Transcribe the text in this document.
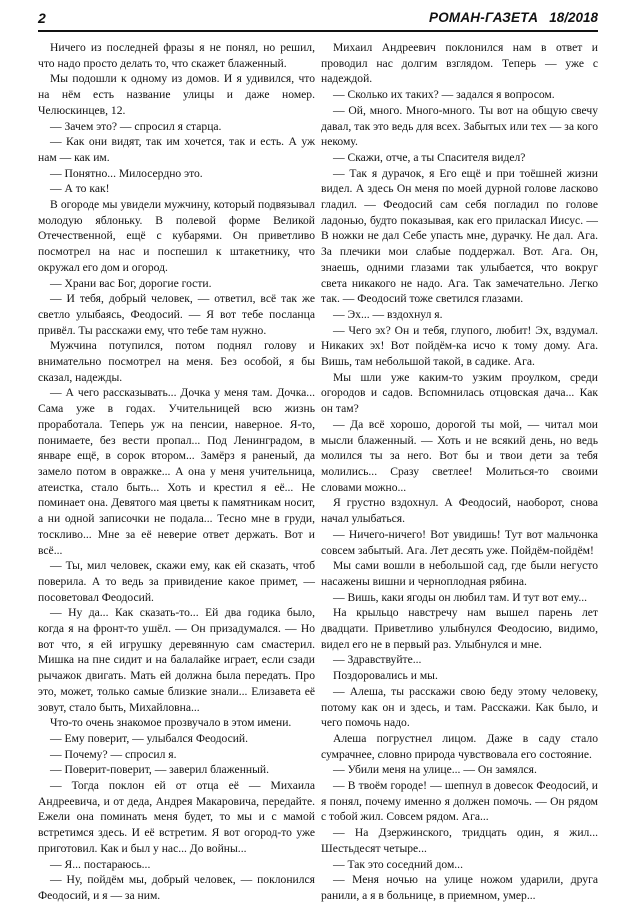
2	РОМАН-ГАЗЕТА 18/2018

Ничего из последней фразы я не понял, но решил, что надо просто делать то, что скажет блаженный.

Мы подошли к одному из домов. И я удивился, что на нём есть название улицы и даже номер. Челюскинцев, 12.

— Зачем это? — спросил я старца.

— Как они видят, так им хочется, так и есть. А уж нам — как им.

— Понятно... Милосердно это.

— А то как!

В огороде мы увидели мужчину, который подвязывал молодую яблоньку. В полевой форме Великой Отечественной, ещё с кубарями. Он приветливо посмотрел на нас и поспешил к штакетнику, что окружал его дом и огород.

— Храни вас Бог, дорогие гости.

— И тебя, добрый человек, — ответил, всё так же светло улыбаясь, Феодосий. — Я вот тебе посланца привёл. Ты расскажи ему, что тебе там нужно.

Мужчина потупился, потом поднял голову и внимательно посмотрел на меня. Без особой, я бы сказал, надежды.

— А чего рассказывать... Дочка у меня там. Дочка... Сама уже в годах. Учительницей всю жизнь проработала. Теперь уж на пенсии, наверное. Я-то, понимаете, без вести пропал... Под Ленинградом, в январе ещё, в сорок втором... Замёрз я раненый, да замело потом в овражке... А она у меня учительница, атеистка, стало быть... Хоть и крестил я её... Не поминает она. Девятого мая цветы к памятникам носит, а ни одной записочки не подала... Тесно мне в груди, тоскливо... Мне за её неверие ответ держать. Вот и всё...

— Ты, мил человек, скажи ему, как ей сказать, чтоб поверила. А то ведь за привидение какое примет, — посоветовал Феодосий.

— Ну да... Как сказать-то... Ей два годика было, когда я на фронт-то ушёл. — Он призадумался. — Но вот что, я ей игрушку деревянную сам смастерил. Мишка на пне сидит и на балалайке играет, если сзади рычажок двигать. Мать ей должна была передать. Про это, может, только самые близкие знали... Елизавета её зовут, стало быть, Михайловна...

Что-то очень знакомое прозвучало в этом имени.

— Ему поверит, — улыбался Феодосий.

— Почему? — спросил я.

— Поверит-поверит, — заверил блаженный.

— Тогда поклон ей от отца её — Михаила Андреевича, и от деда, Андрея Макаровича, передайте. Ежели она поминать меня будет, то мы и с мамой встретимся здесь. И её встретим. Я вот огород-то уже приготовил. Как и был у нас... До войны...

— Я... постараюсь...

— Ну, пойдём мы, добрый человек, — поклонился Феодосий, и я — за ним.

Михаил Андреевич поклонился нам в ответ и проводил нас долгим взглядом. Теперь — уже с надеждой.

— Сколько их таких? — задался я вопросом.

— Ой, много. Много-много. Ты вот на общую свечу давал, так это ведь для всех. Забытых или тех — за кого некому.

— Скажи, отче, а ты Спасителя видел?

— Так я дурачок, я Его ещё и при тоёшней жизни видел. А здесь Он меня по моей дурной голове ласково гладил. — Феодосий сам себя погладил по голове ладонью, будто показывая, как его приласкал Иисус. — В ножки не дал Себе упасть мне, дурачку. Не дал. Ага. За плечики мои слабые поддержал. Вот. Ага. Он, знаешь, одними глазами так улыбается, что вокруг света никакого не надо. Ага. Так замечательно. Легко так. — Феодосий тоже светился глазами.

— Эх... — вздохнул я.

— Чего эх? Он и тебя, глупого, любит! Эх, вздумал. Никаких эх! Вот пойдём-ка исчо к тому дому. Ага. Вишь, там небольшой такой, в садике. Ага.

Мы шли уже каким-то узким проулком, среди огородов и садов. Вспомнилась отцовская дача... Как он там?

— Да всё хорошо, дорогой ты мой, — читал мои мысли блаженный. — Хоть и не всякий день, но ведь молился ты за него. Вот бы и твои дети за тебя молились... Сразу светлее! Молиться-то своими словами можно...

Я грустно вздохнул. А Феодосий, наоборот, снова начал улыбаться.

— Ничего-ничего! Вот увидишь! Тут вот мальчонка совсем забытый. Ага. Лет десять уже. Пойдём-пойдём!

Мы сами вошли в небольшой сад, где были негусто насажены вишни и черноплодная рябина.

— Вишь, каки ягоды он любил там. И тут вот ему...

На крыльцо навстречу нам вышел парень лет двадцати. Приветливо улыбнулся Феодосию, видимо, видел его не в первый раз. Улыбнулся и мне.

— Здравствуйте...

Поздоровались и мы.

— Алеша, ты расскажи свою беду этому человеку, потому как он и здесь, и там. Расскажи. Как было, и чего помочь надо.

Алеша погрустнел лицом. Даже в саду стало сумрачнее, словно природа чувствовала его состояние.

— Убили меня на улице... — Он замялся.

— В твоём городе! — шепнул в довесок Феодосий, и я понял, почему именно я должен помочь. — Он рядом с тобой жил. Совсем рядом. Ага...

— На Дзержинского, тридцать один, я жил... Шестьдесят четыре...

— Так это соседний дом...

— Меня ночью на улице ножом ударили, друга ранили, а я в больнице, в приемном, умер...
